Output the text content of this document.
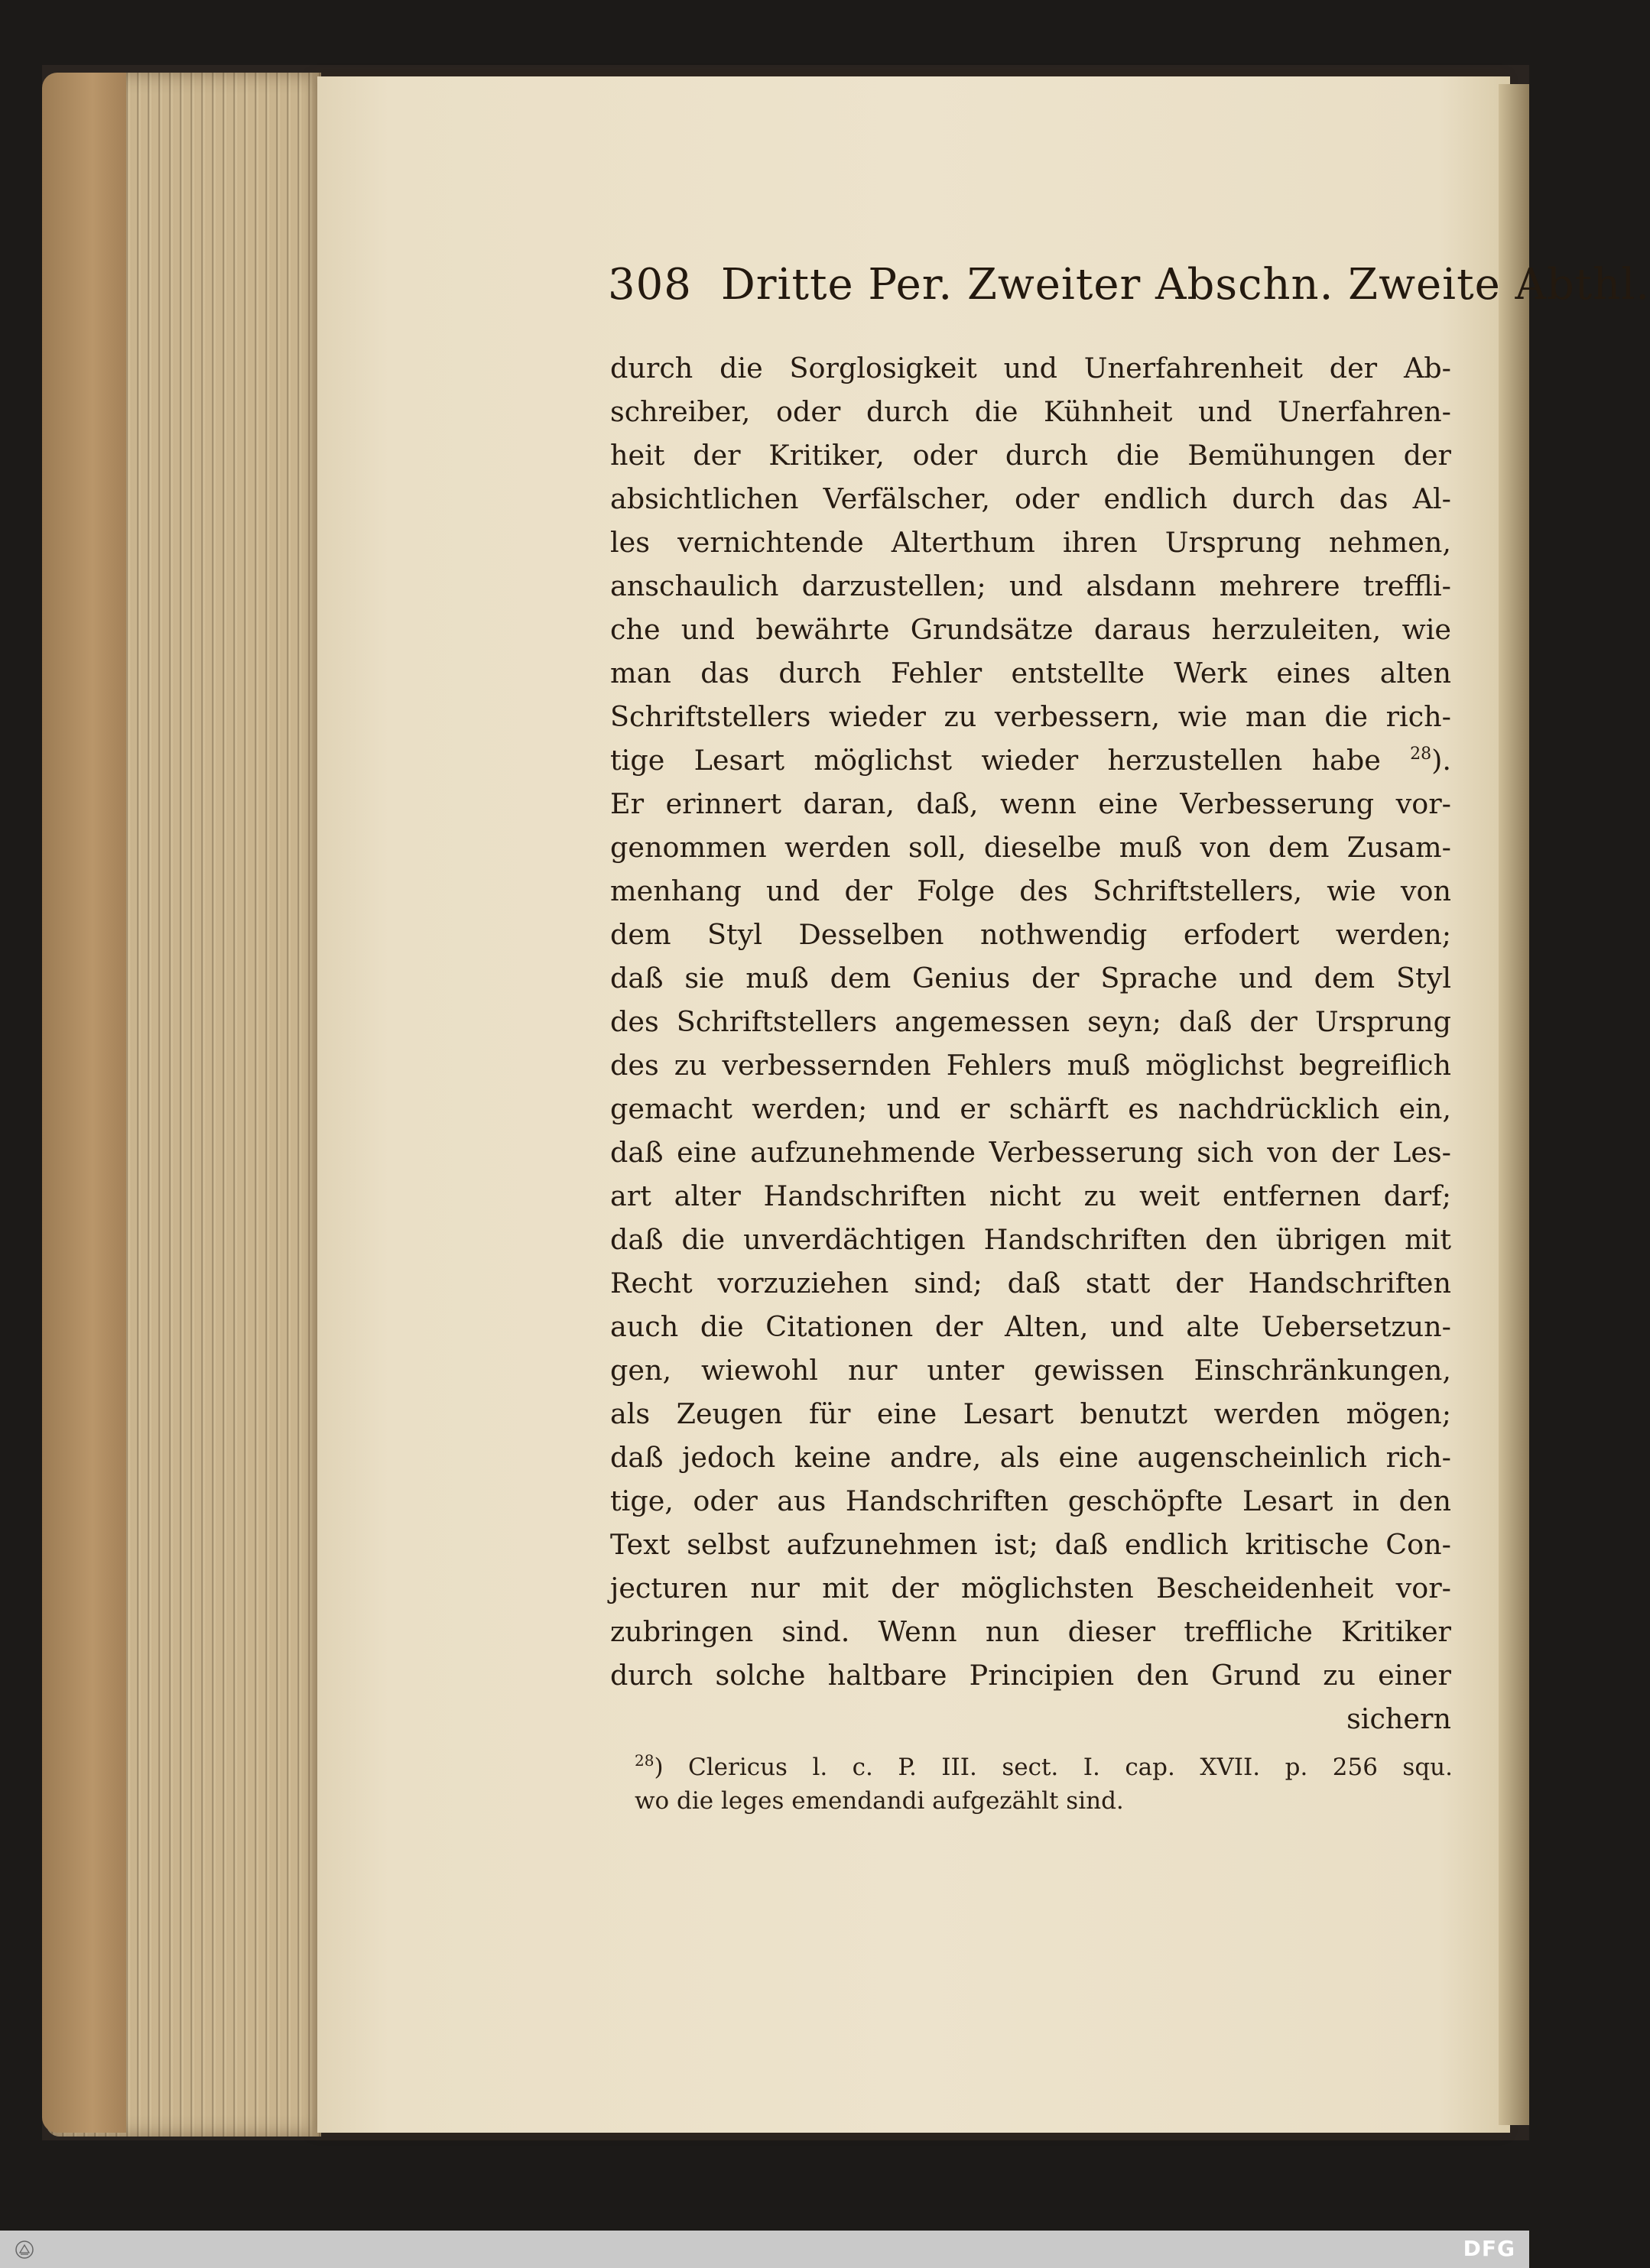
308 Dritte Per. Zweiter Abschn. Zweite Abthl.
durch die Sorglosigkeit und Unerfahrenheit der Ab-
schreiber, oder durch die Kühnheit und Unerfahren-
heit der Kritiker, oder durch die Bemühungen der
absichtlichen Verfälscher, oder endlich durch das Al-
les vernichtende Alterthum ihren Ursprung nehmen,
anschaulich darzustellen; und alsdann mehrere treffli-
che und bewährte Grundsätze daraus herzuleiten, wie
man das durch Fehler entstellte Werk eines alten
Schriftstellers wieder zu verbessern, wie man die rich-
tige Lesart möglichst wieder herzustellen habe $^{28}$).
Er erinnert daran, daß, wenn eine Verbesserung vor-
genommen werden soll, dieselbe muß von dem Zusam-
menhang und der Folge des Schriftstellers, wie von
dem Styl Desselben nothwendig erfodert werden;
daß sie muß dem Genius der Sprache und dem Styl
des Schriftstellers angemessen seyn; daß der Ursprung
des zu verbessernden Fehlers muß möglichst begreiflich
gemacht werden; und er schärft es nachdrücklich ein,
daß eine aufzunehmende Verbesserung sich von der Les-
art alter Handschriften nicht zu weit entfernen darf;
daß die unverdächtigen Handschriften den übrigen mit
Recht vorzuziehen sind; daß statt der Handschriften
auch die Citationen der Alten, und alte Uebersetzun-
gen, wiewohl nur unter gewissen Einschränkungen,
als Zeugen für eine Lesart benutzt werden mögen;
daß jedoch keine andre, als eine augenscheinlich rich-
tige, oder aus Handschriften geschöpfte Lesart in den
Text selbst aufzunehmen ist; daß endlich kritische Con-
jecturen nur mit der möglichsten Bescheidenheit vor-
zubringen sind. Wenn nun dieser treffliche Kritiker
durch solche haltbare Principien den Grund zu einer
sichern
$^{28}$) Clericus l. c. P. III. sect. I. cap. XVII. p. 256 squ.
wo die leges emendandi aufgezählt sind.
DFG
